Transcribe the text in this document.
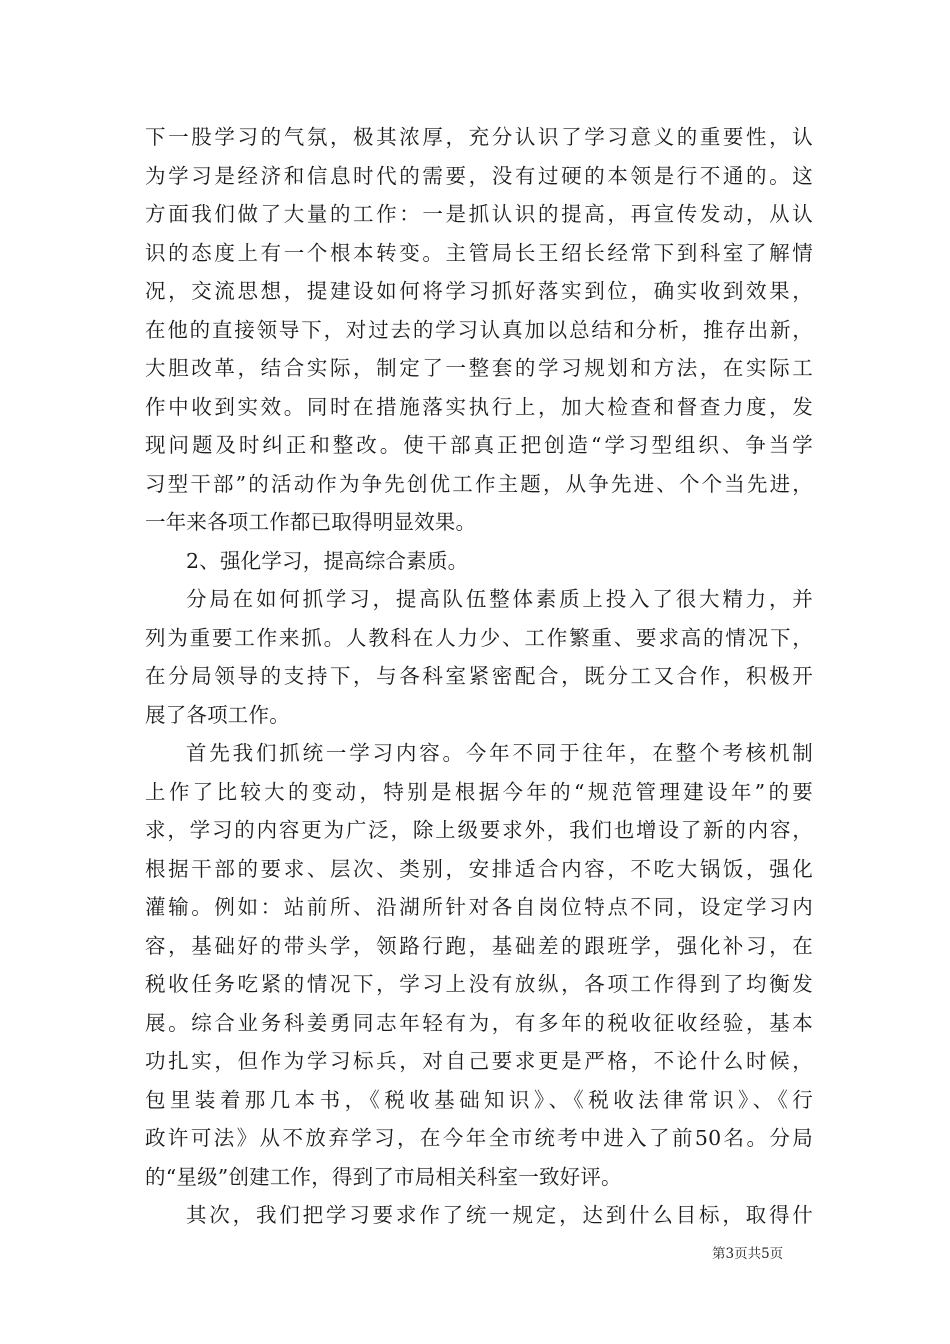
下一股学习的气氛，极其浓厚，充分认识了学习意义的重要性，认
为学习是经济和信息时代的需要，没有过硬的本领是行不通的。这
方面我们做了大量的工作：一是抓认识的提高，再宣传发动，从认
识的态度上有一个根本转变。主管局长王绍长经常下到科室了解情
况，交流思想，提建设如何将学习抓好落实到位，确实收到效果，
在他的直接领导下，对过去的学习认真加以总结和分析，推存出新，
大胆改革，结合实际，制定了一整套的学习规划和方法，在实际工
作中收到实效。同时在措施落实执行上，加大检查和督查力度，发
现问题及时纠正和整改。使干部真正把创造“学习型组织、争当学
习型干部”的活动作为争先创优工作主题，从争先进、个个当先进，
一年来各项工作都已取得明显效果。
2、强化学习，提高综合素质。
分局在如何抓学习，提高队伍整体素质上投入了很大精力，并
列为重要工作来抓。人教科在人力少、工作繁重、要求高的情况下，
在分局领导的支持下，与各科室紧密配合，既分工又合作，积极开
展了各项工作。
首先我们抓统一学习内容。今年不同于往年，在整个考核机制
上作了比较大的变动，特别是根据今年的“规范管理建设年”的要
求，学习的内容更为广泛，除上级要求外，我们也增设了新的内容，
根据干部的要求、层次、类别，安排适合内容，不吃大锅饭，强化
灌输。例如：站前所、沿湖所针对各自岗位特点不同，设定学习内
容，基础好的带头学，领路行跑，基础差的跟班学，强化补习，在
税收任务吃紧的情况下，学习上没有放纵，各项工作得到了均衡发
展。综合业务科姜勇同志年轻有为，有多年的税收征收经验，基本
功扎实，但作为学习标兵，对自己要求更是严格，不论什么时候，
包里装着那几本书，《税收基础知识》、《税收法律常识》、《行
政许可法》从不放弃学习，在今年全市统考中进入了前50名。分局
的“星级”创建工作，得到了市局相关科室一致好评。
其次，我们把学习要求作了统一规定，达到什么目标，取得什
第3页共5页
